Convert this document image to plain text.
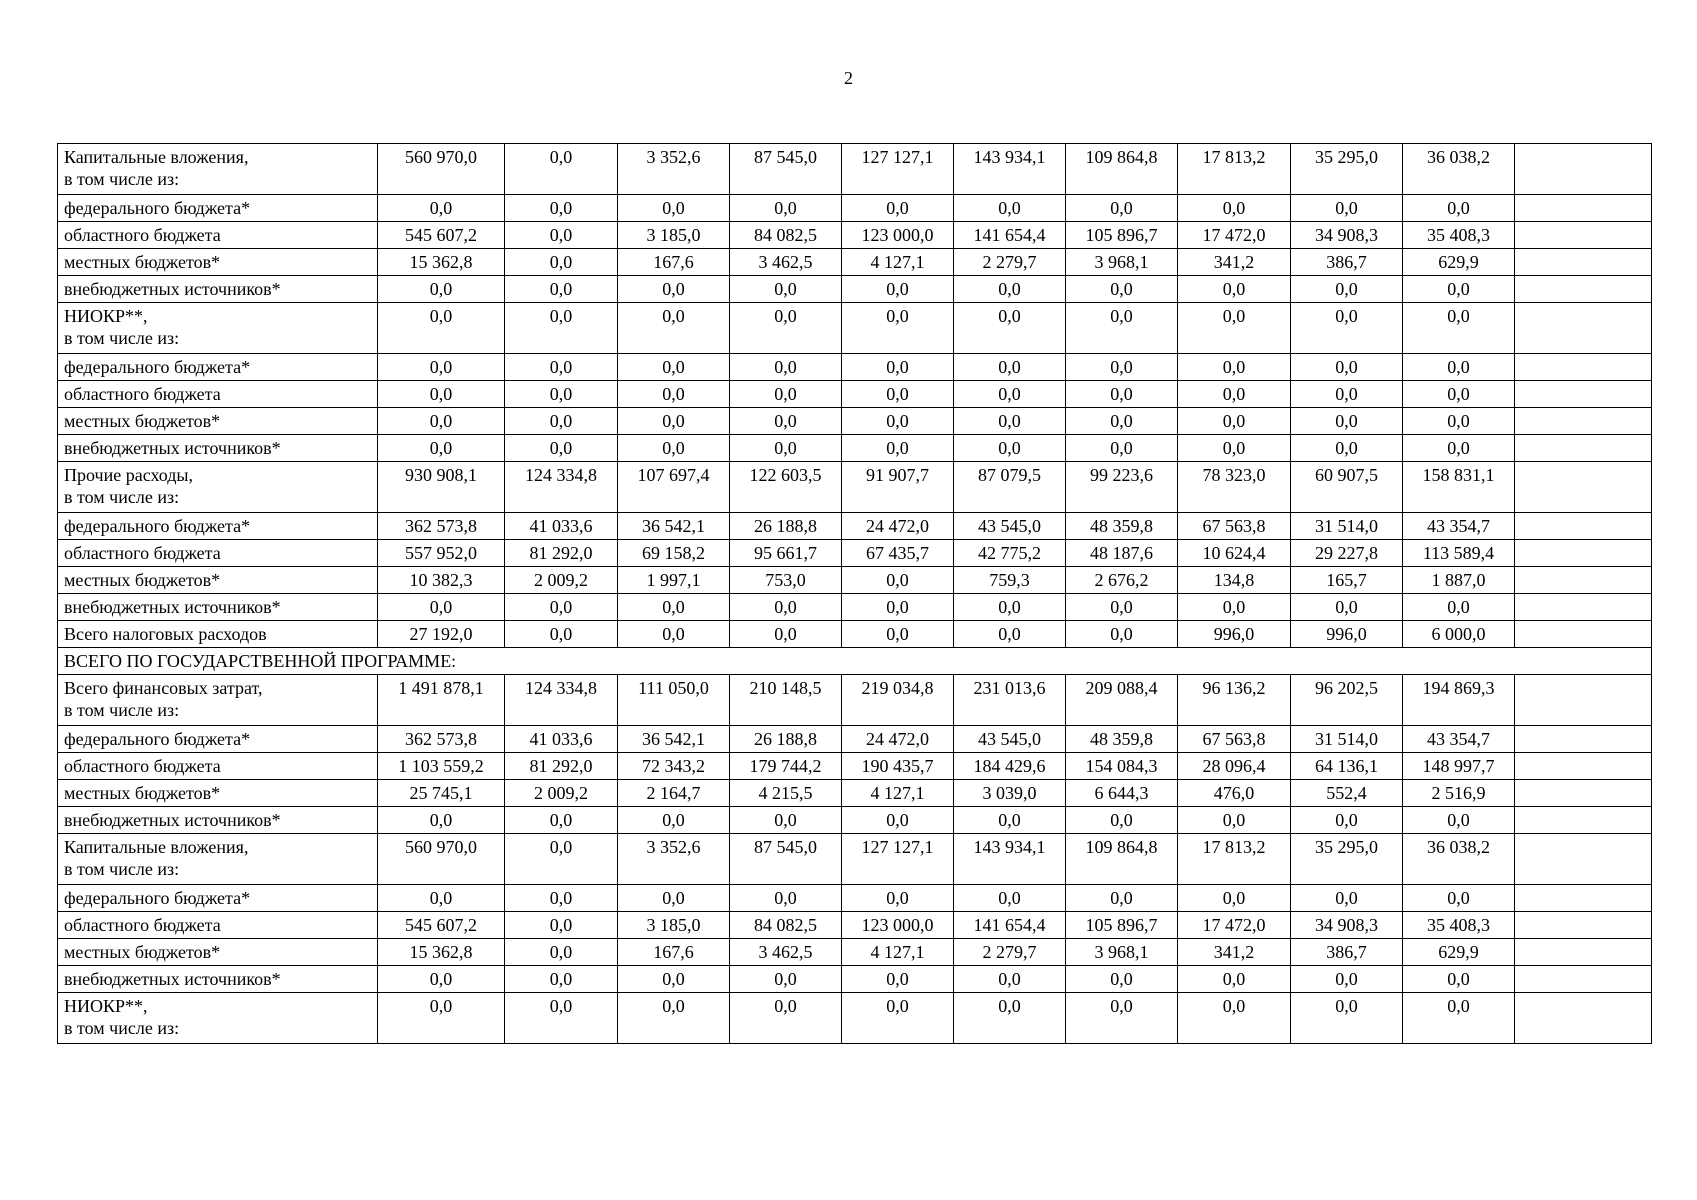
2
Капитальные вложения,
в том числе из:	560 970,0	0,0	3 352,6	87 545,0	127 127,1	143 934,1	109 864,8	17 813,2	35 295,0	36 038,2	
федерального бюджета*	0,0	0,0	0,0	0,0	0,0	0,0	0,0	0,0	0,0	0,0	
областного бюджета	545 607,2	0,0	3 185,0	84 082,5	123 000,0	141 654,4	105 896,7	17 472,0	34 908,3	35 408,3	
местных бюджетов*	15 362,8	0,0	167,6	3 462,5	4 127,1	2 279,7	3 968,1	341,2	386,7	629,9	
внебюджетных источников*	0,0	0,0	0,0	0,0	0,0	0,0	0,0	0,0	0,0	0,0	
НИОКР**,
в том числе из:	0,0	0,0	0,0	0,0	0,0	0,0	0,0	0,0	0,0	0,0	
федерального бюджета*	0,0	0,0	0,0	0,0	0,0	0,0	0,0	0,0	0,0	0,0	
областного бюджета	0,0	0,0	0,0	0,0	0,0	0,0	0,0	0,0	0,0	0,0	
местных бюджетов*	0,0	0,0	0,0	0,0	0,0	0,0	0,0	0,0	0,0	0,0	
внебюджетных источников*	0,0	0,0	0,0	0,0	0,0	0,0	0,0	0,0	0,0	0,0	
Прочие расходы,
в том числе из:	930 908,1	124 334,8	107 697,4	122 603,5	91 907,7	87 079,5	99 223,6	78 323,0	60 907,5	158 831,1	
федерального бюджета*	362 573,8	41 033,6	36 542,1	26 188,8	24 472,0	43 545,0	48 359,8	67 563,8	31 514,0	43 354,7	
областного бюджета	557 952,0	81 292,0	69 158,2	95 661,7	67 435,7	42 775,2	48 187,6	10 624,4	29 227,8	113 589,4	
местных бюджетов*	10 382,3	2 009,2	1 997,1	753,0	0,0	759,3	2 676,2	134,8	165,7	1 887,0	
внебюджетных источников*	0,0	0,0	0,0	0,0	0,0	0,0	0,0	0,0	0,0	0,0	
Всего налоговых расходов	27 192,0	0,0	0,0	0,0	0,0	0,0	0,0	996,0	996,0	6 000,0	
ВСЕГО ПО ГОСУДАРСТВЕННОЙ ПРОГРАММЕ:											
Всего финансовых затрат,
в том числе из:	1 491 878,1	124 334,8	111 050,0	210 148,5	219 034,8	231 013,6	209 088,4	96 136,2	96 202,5	194 869,3	
федерального бюджета*	362 573,8	41 033,6	36 542,1	26 188,8	24 472,0	43 545,0	48 359,8	67 563,8	31 514,0	43 354,7	
областного бюджета	1 103 559,2	81 292,0	72 343,2	179 744,2	190 435,7	184 429,6	154 084,3	28 096,4	64 136,1	148 997,7	
местных бюджетов*	25 745,1	2 009,2	2 164,7	4 215,5	4 127,1	3 039,0	6 644,3	476,0	552,4	2 516,9	
внебюджетных источников*	0,0	0,0	0,0	0,0	0,0	0,0	0,0	0,0	0,0	0,0	
Капитальные вложения,
в том числе из:	560 970,0	0,0	3 352,6	87 545,0	127 127,1	143 934,1	109 864,8	17 813,2	35 295,0	36 038,2	
федерального бюджета*	0,0	0,0	0,0	0,0	0,0	0,0	0,0	0,0	0,0	0,0	
областного бюджета	545 607,2	0,0	3 185,0	84 082,5	123 000,0	141 654,4	105 896,7	17 472,0	34 908,3	35 408,3	
местных бюджетов*	15 362,8	0,0	167,6	3 462,5	4 127,1	2 279,7	3 968,1	341,2	386,7	629,9	
внебюджетных источников*	0,0	0,0	0,0	0,0	0,0	0,0	0,0	0,0	0,0	0,0	
НИОКР**,
в том числе из:	0,0	0,0	0,0	0,0	0,0	0,0	0,0	0,0	0,0	0,0	
